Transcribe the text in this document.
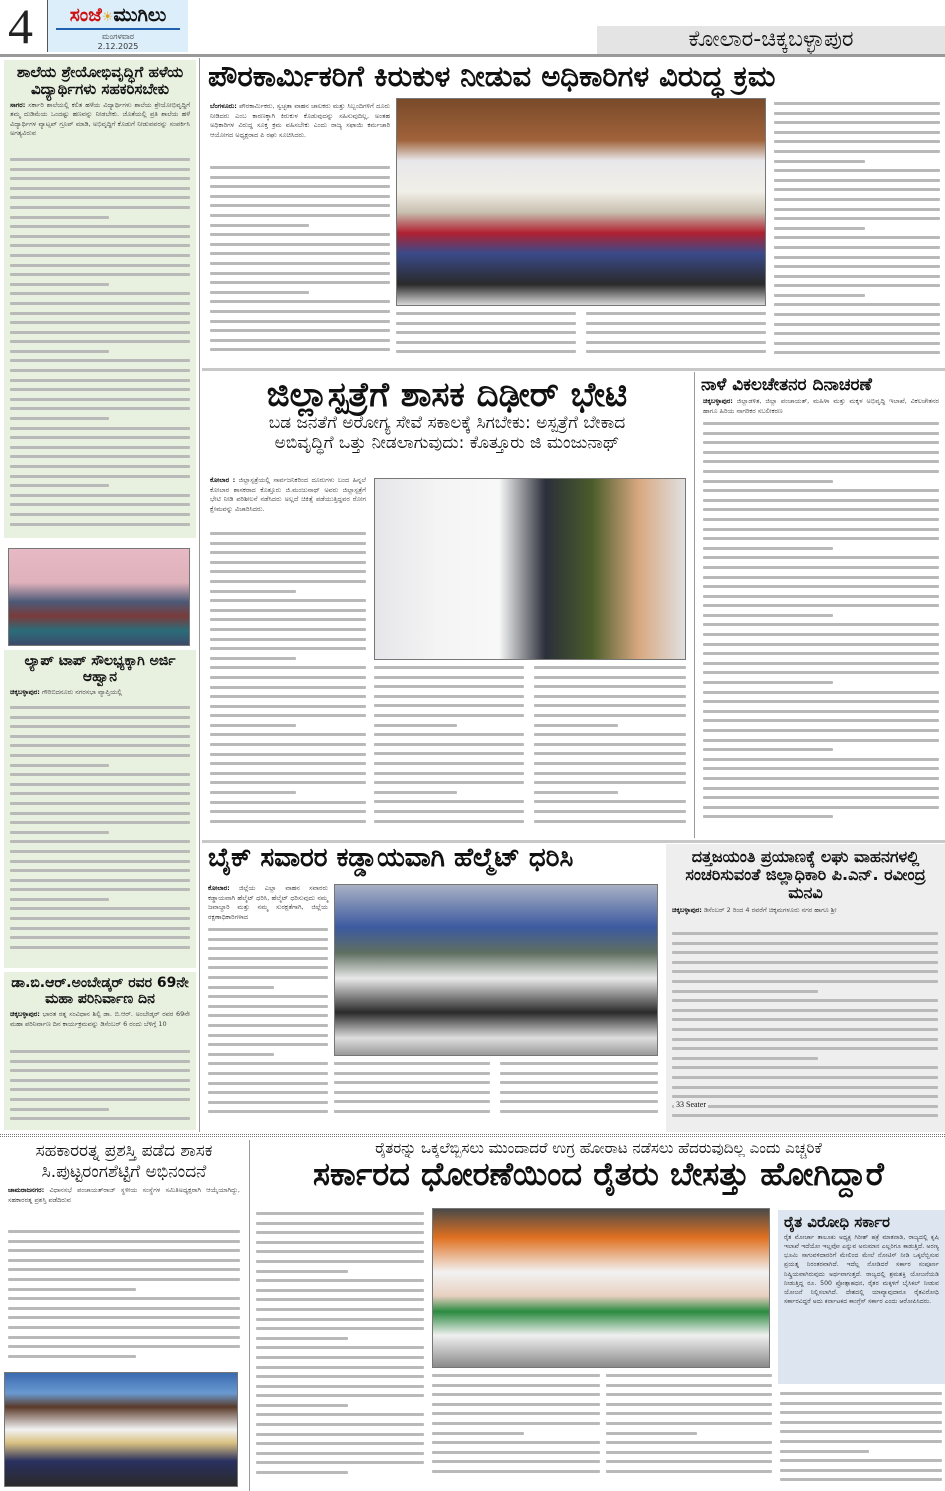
4	ಸಂಜೆ☀ಮುಗಿಲು
ಮಂಗಳವಾರ
2.12.2025	ಕೋಲಾರ-ಚಿಕ್ಕಬಳ್ಳಾಪುರ
ಶಾಲೆಯ ಶ್ರೇಯೋಭಿವೃದ್ಧಿಗೆ ಹಳೆಯ ವಿದ್ಯಾರ್ಥಿಗಳು ಸಹಕರಿಸಬೇಕು
ಸಾಗರ: ಸರ್ಕಾರಿ ಶಾಲೆಯಲ್ಲಿ ಕಲಿತ ಹಳೆಯ ವಿದ್ಯಾರ್ಥಿಗಳು ಶಾಲೆಯ ಶ್ರೇಯೋಭಿವೃದ್ಧಿಗೆ ತಮ್ಮ ದುಡಿಮೆಯ ಒಂದಷ್ಟು ಹಣವನ್ನು ನೀಡಬೇಕು. ಜೊತೆಯಲ್ಲಿ ಪ್ರತಿ ಶಾಲೆಯ ಹಳೆ ವಿದ್ಯಾರ್ಥಿಗಳ ವ್ಯಾಟ್ಸಪ್ ಗ್ರೂಪ್ ಮಾಡಿ, ಅಭಿವೃದ್ಧಿಗೆ ಕೊಡುಗೆ ನೀಡುವವರನ್ನು ಸಂಪರ್ಕಿಸಿ ಅಗತ್ಯವಿರುವ
ಲ್ಯಾಪ್ ಟಾಪ್ ಸೌಲಭ್ಯಕ್ಕಾಗಿ ಅರ್ಜಿ ಆಹ್ವಾನ
ಚಿಕ್ಕಬಳ್ಳಾಪುರ: ಗೌರಿಬಿದನೂರು ನಗರಸಭಾ ವ್ಯಾಪ್ತಿಯಲ್ಲಿ
ಡಾ.ಬಿ.ಆರ್.ಅಂಬೇಡ್ಕರ್ ರವರ 69ನೇ ಮಹಾ ಪರಿನಿರ್ವಾಣ ದಿನ
ಚಿಕ್ಕಬಳ್ಳಾಪುರ: ಭಾರತ ರತ್ನ ಸಂವಿಧಾನ ಶಿಲ್ಪಿ ಡಾ. ಬಿ.ಆರ್. ಅಂಬೇಡ್ಕರ್ ರವರ 69ನೇ ಮಹಾ ಪರಿನಿರ್ವಾಣ ದಿನ ಕಾರ್ಯಕ್ರಮವನ್ನು ಡಿಸೆಂಬರ್ 6 ರಂದು ಬೆಳಿಗ್ಗೆ 10
ಪೌರಕಾರ್ಮಿಕರಿಗೆ ಕಿರುಕುಳ ನೀಡುವ ಅಧಿಕಾರಿಗಳ ವಿರುದ್ಧ ಕ್ರಮ
ಬೆಂಗಳೂರು: ಪೌರಕಾರ್ಮಿಕರು, ಸ್ವಚ್ಛತಾ ವಾಹನ ಚಾಲಕರು ಮತ್ತು ಸಿಬ್ಬಂದಿಗಳಿಗೆ ದೂರು ನೀಡಿದರು ಎಂಬ ಕಾರಣಕ್ಕಾಗಿ ಕಿರುಕುಳ ಕೊಡುವುದನ್ನು ಸಹಿಸುವುದಿಲ್ಲ, ಅಂತಹ ಅಧಿಕಾರಿಗಳ ವಿರುದ್ಧ ಸೂಕ್ತ ಕ್ರಮ ವಹಿಸಬೇಕು ಎಂದು ರಾಜ್ಯ ಸಫಾಯಿ ಕರ್ಮಚಾರಿ ಆಯೋಗದ ಅಧ್ಯಕ್ಷರಾದ ಪಿ ರಘು ಸೂಚಿಸಿದರು.
ಜಿಲ್ಲಾಸ್ಪತ್ರೆಗೆ ಶಾಸಕ ದಿಢೀರ್ ಭೇಟಿ
ಬಡ ಜನತೆಗೆ ಅರೋಗ್ಯ ಸೇವೆ ಸಕಾಲಕ್ಕೆ ಸಿಗಬೇಕು: ಅಸ್ಪತ್ರೆಗೆ ಬೇಕಾದ
ಅಬಿವೃದ್ಧಿಗೆ ಒತ್ತು ನೀಡಲಾಗುವುದು: ಕೊತ್ತೂರು ಜಿ ಮಂಜುನಾಥ್
ಕೋಲಾರ : ಜಿಲ್ಲಾಸ್ಪತ್ರೆಯಲ್ಲಿ ಸಾರ್ವಜನಿಕರಿಂದ ದೂರುಗಳು ಬಂದ ಹಿನ್ನಲೆ ಕೋಲಾರ ಶಾಸಕರಾದ ಕೊತ್ತೂರು ಜಿ.ಮಂಜುನಾಥ್ ಅವರು ಜಿಲ್ಲಾಸ್ಪತ್ರೆಗೆ ಭೇಟಿ ನೀಡಿ ಪರಿಶೀಲನೆ ನಡೆಸಿದರು ಅಲ್ಲದೆ ಚಿಕಿತ್ಸೆ ಪಡೆಯುತ್ತಿದ್ದವರ ರೋಗ ಕ್ಷೇಮವನ್ನು ವಿಚಾರಿಸಿದರು.
ನಾಳೆ ವಿಕಲಚೇತನರ ದಿನಾಚರಣೆ
ಚಿಕ್ಕಬಳ್ಳಾಪುರ: ಜಿಲ್ಲಾಡಳಿತ, ಜಿಲ್ಲಾ ಪಂಚಾಯತ್, ಮಹಿಳಾ ಮತ್ತು ಮಕ್ಕಳ ಅಭಿವೃದ್ಧಿ ಇಲಾಖೆ, ವಿಕಲಚೇತನರ ಹಾಗೂ ಹಿರಿಯ ನಾಗರಿಕರ ಸಬಲೀಕರಣ
ಬೈಕ್ ಸವಾರರ ಕಡ್ಡಾಯವಾಗಿ ಹೆಲ್ಮೆಟ್ ಧರಿಸಿ
ಕೋಲಾರ: ಜಿಲ್ಲೆಯ ಎಲ್ಲಾ ವಾಹನ ಸವಾರರು ಕಡ್ಡಾಯವಾಗಿ ಹೆಲ್ಮೆಟ್ ಧರಿಸಿ, ಹೆಲ್ಮೆಟ್ ಧರಿಸುವುದು ನಮ್ಮ ಜವಾಬ್ದಾರಿ ಮತ್ತು ನಮ್ಮ ಸುರಕ್ಷತೆಗಾಗಿ, ಜಿಲ್ಲೆಯ ರಕ್ಷಣಾಧಿಕಾರಿಗಳಾದ
ದತ್ತಜಯಂತಿ ಪ್ರಯಾಣಕ್ಕೆ ಲಘು ವಾಹನಗಳಲ್ಲಿ ಸಂಚರಿಸುವಂತೆ ಜಿಲ್ಲಾಧಿಕಾರಿ ಪಿ.ಎನ್. ರವೀಂದ್ರ ಮನವಿ
ಚಿಕ್ಕಬಳ್ಳಾಪುರ: ಡಿಸೆಂಬರ್ 2 ರಿಂದ 4 ರವರೆಗೆ ಚಿಕ್ಕಮಗಳೂರು ನಗರ ಹಾಗೂ ಶ್ರೀ
33 Seater
ಸಹಕಾರರತ್ನ ಪ್ರಶಸ್ತಿ ಪಡೆದ ಶಾಸಕ
ಸಿ.ಪುಟ್ಟರಂಗಶೆಟ್ಟಿಗೆ ಅಭಿನಂದನೆ
ಚಾಮರಾಜನಗರ: ವಿಧಾನಸಭೆ ಪಂಚಾಯತ್‌ರಾಜ್ ಸ್ಥಳೀಯ ಸಂಸ್ಥೆಗಳ ಸಮಿತಿಅಧ್ಯಕ್ಷರಾಗಿ ಆಯ್ಕೆಯಾಗಿದ್ದು, ಸಹಕಾರರತ್ನ ಪ್ರಶಸ್ತಿ ಪಡೆದಿರುವ
ರೈತರನ್ನು ಒಕ್ಕಲೆಬ್ಬಿಸಲು ಮುಂದಾದರೆ ಉಗ್ರ ಹೋರಾಟ ನಡೆಸಲು ಹೆದರುವುದಿಲ್ಲ ಎಂದು ಎಚ್ಚರಿಕೆ
ಸರ್ಕಾರದ ಧೋರಣೆಯಿಂದ ರೈತರು ಬೇಸತ್ತು ಹೋಗಿದ್ದಾರೆ
ರೈತ ವಿರೋಧಿ ಸರ್ಕಾರ
ರೈತ ಮೋರ್ಚಾ ತಾಲೂಕು ಅಧ್ಯಕ್ಷ ಗಿರೀಶ್ ಹಕ್ರೆ ಮಾತನಾಡಿ, ರಾಜ್ಯದಲ್ಲಿ ಕೃಷಿ ಇಲಾಖೆ ಇದೆಯೋ ಇಲ್ಲವೋ ಎನ್ನುವ ಅನುಮಾನ ಎಲ್ಲರಿಗೂ ಕಾಡುತ್ತಿದೆ. ಅರಣ್ಯ ಭೂಮಿ ಸಾಗುವಳಿದಾರರಿಗೆ ಮೇಲಿಂದ ಮೇಲೆ ನೋಟಿಸ್ ನೀಡಿ ಒಕ್ಕಲೆಬ್ಬಿಸುವ ಪ್ರಯತ್ನ ನಿರಂತರವಾಗಿದೆ. ಇದೆಲ್ಲ ನೋಡಿದರೆ ಸರ್ಕಾರ ಸಂಪೂರ್ಣ ನಿಷ್ಕ್ರಿಯವಾಗಿರುವುದು ಅರ್ಥವಾಗುತ್ತದೆ. ರಾಜ್ಯದಲ್ಲಿ ಶ್ರಮಶಕ್ತಿ ಯೋಜನೆಯಡಿ ನೀಡುತ್ತಿದ್ದ ರೂ. 500 ಪ್ರೋತ್ಸಾಹಧನ, ರೈತರ ಮಕ್ಕಳಿಗೆ ಬೈಸಿಕಲ್ ನೀಡುವ ಯೋಜನೆ ನಿಲ್ಲಿಸಲಾಗಿದೆ. ದೇಶದಲ್ಲಿ ಯಾವ್ಯಾವುದಾರೂ ರೈತವಿರೋಧಿ ಸರ್ಕಾರವಿದ್ದರೆ ಅದು ಕರ್ನಾಟಕದ ಕಾಂಗ್ರೆಸ್ ಸರ್ಕಾರ ಎಂದು ಆರೋಪಿಸಿದರು.
